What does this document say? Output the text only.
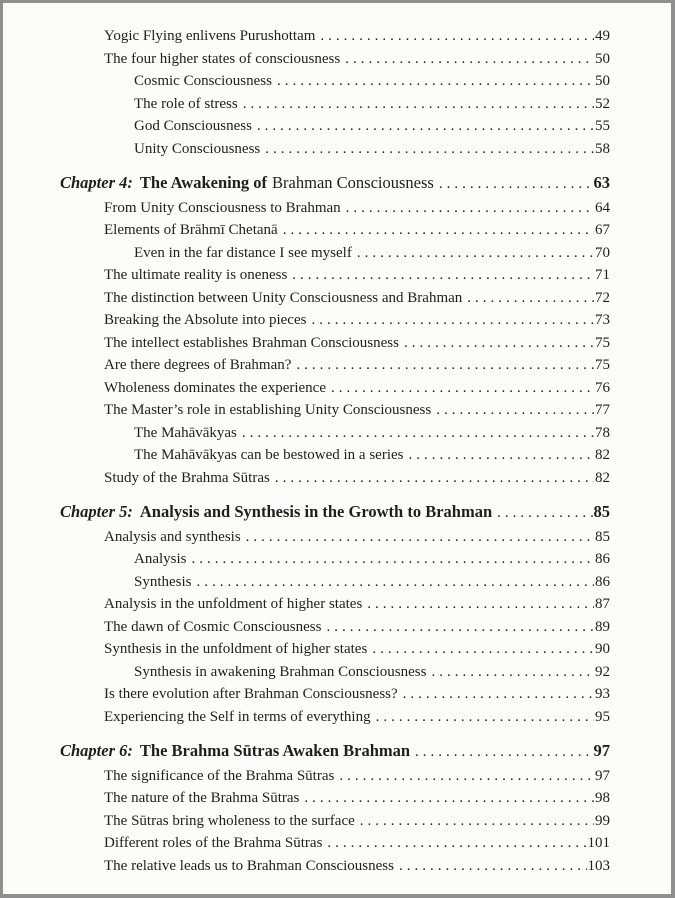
Yogic Flying enlivens Purushottam .....	49
The four higher states of consciousness .....	50
Cosmic Consciousness .....	50
The role of stress .....	52
God Consciousness .....	55
Unity Consciousness .....	58
Chapter 4: The Awakening of Brahman Consciousness .....	63
From Unity Consciousness to Brahman .....	64
Elements of Brāhmī Chetanā .....	67
Even in the far distance I see myself .....	70
The ultimate reality is oneness .....	71
The distinction between Unity Consciousness and Brahman .....	72
Breaking the Absolute into pieces .....	73
The intellect establishes Brahman Consciousness .....	75
Are there degrees of Brahman? .....	75
Wholeness dominates the experience .....	76
The Master’s role in establishing Unity Consciousness .....	77
The Mahāvākyas .....	78
The Mahāvākyas can be bestowed in a series .....	82
Study of the Brahma Sūtras .....	82
Chapter 5: Analysis and Synthesis in the Growth to Brahman .....	85
Analysis and synthesis .....	85
Analysis .....	86
Synthesis .....	86
Analysis in the unfoldment of higher states .....	87
The dawn of Cosmic Consciousness .....	89
Synthesis in the unfoldment of higher states .....	90
Synthesis in awakening Brahman Consciousness .....	92
Is there evolution after Brahman Consciousness? .....	93
Experiencing the Self in terms of everything .....	95
Chapter 6: The Brahma Sūtras Awaken Brahman .....	97
The significance of the Brahma Sūtras .....	97
The nature of the Brahma Sūtras .....	98
The Sūtras bring wholeness to the surface .....	99
Different roles of the Brahma Sūtras .....	101
The relative leads us to Brahman Consciousness .....	103
